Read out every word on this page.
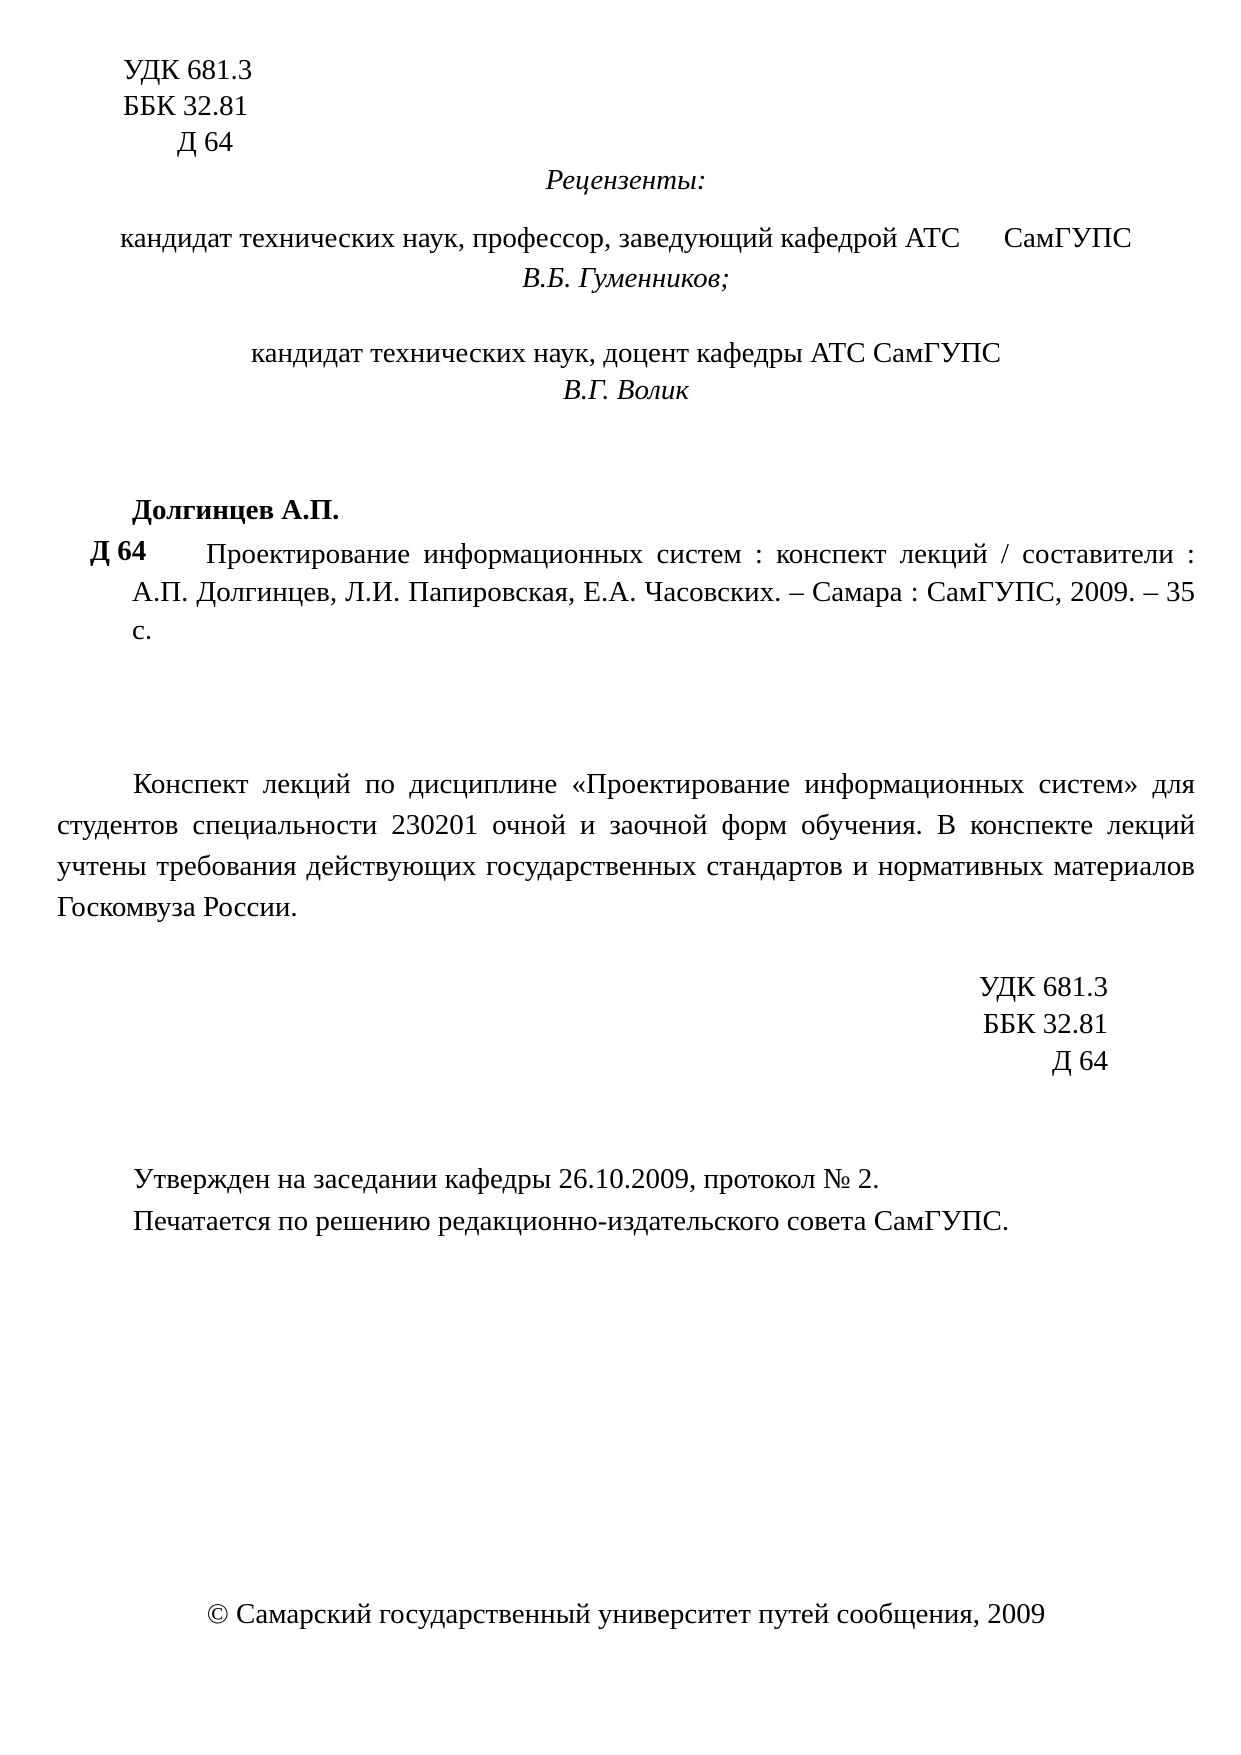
УДК 681.3
ББК 32.81
Д 64
Рецензенты:
кандидат технических наук, профессор, заведующий кафедрой АТС      СамГУПС
В.Б. Гуменников;
кандидат технических наук, доцент кафедры АТС СамГУПС
В.Г. Волик
Долгинцев А.П.
Д 64	Проектирование информационных систем : конспект лекций / составители : А.П. Долгинцев, Л.И. Папировская, Е.А. Часовских. – Самара : СамГУПС, 2009. – 35 с.
Конспект лекций по дисциплине «Проектирование информационных систем» для студентов специальности 230201 очной и заочной форм обучения. В конспекте лекций учтены требования действующих государственных стандартов и нормативных материалов Госкомвуза России.
УДК 681.3
ББК 32.81
Д 64

Утвержден на заседании кафедры 26.10.2009, протокол № 2.

Печатается по решению редакционно-издательского совета СамГУПС.

© Самарский государственный университет путей сообщения, 2009
